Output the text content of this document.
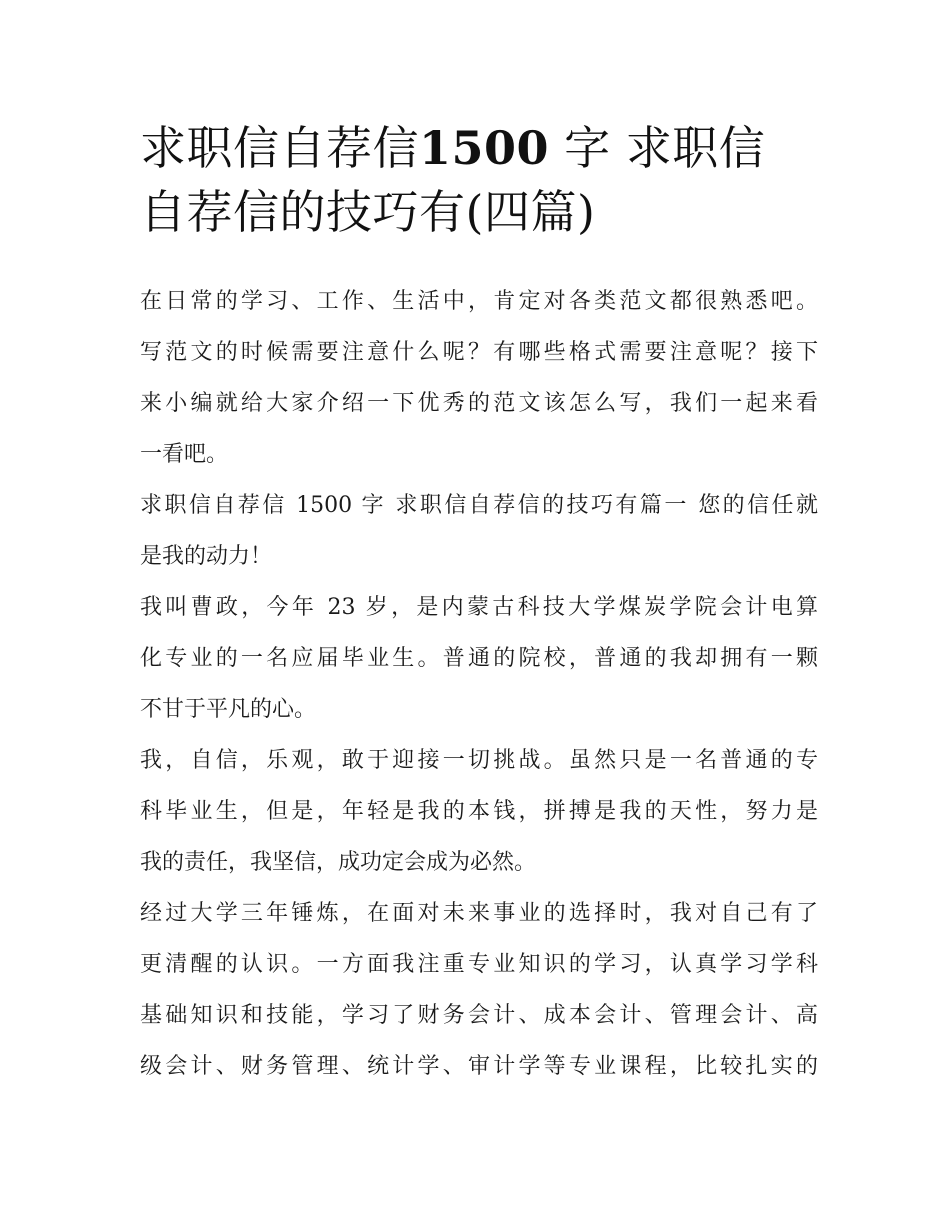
求职信自荐信1500 字 求职信
自荐信的技巧有(四篇)

在日常的学习、工作、生活中，肯定对各类范文都很熟悉吧。
写范文的时候需要注意什么呢？有哪些格式需要注意呢？接下
来小编就给大家介绍一下优秀的范文该怎么写，我们一起来看
一看吧。

求职信自荐信 1500 字 求职信自荐信的技巧有篇一 您的信任就
是我的动力！

我叫曹政，今年 23 岁，是内蒙古科技大学煤炭学院会计电算
化专业的一名应届毕业生。普通的院校，普通的我却拥有一颗
不甘于平凡的心。

我，自信，乐观，敢于迎接一切挑战。虽然只是一名普通的专
科毕业生，但是，年轻是我的本钱，拼搏是我的天性，努力是
我的责任，我坚信，成功定会成为必然。

经过大学三年锤炼，在面对未来事业的选择时，我对自己有了
更清醒的认识。一方面我注重专业知识的学习，认真学习学科
基础知识和技能，学习了财务会计、成本会计、管理会计、高
级会计、财务管理、统计学、审计学等专业课程，比较扎实的
